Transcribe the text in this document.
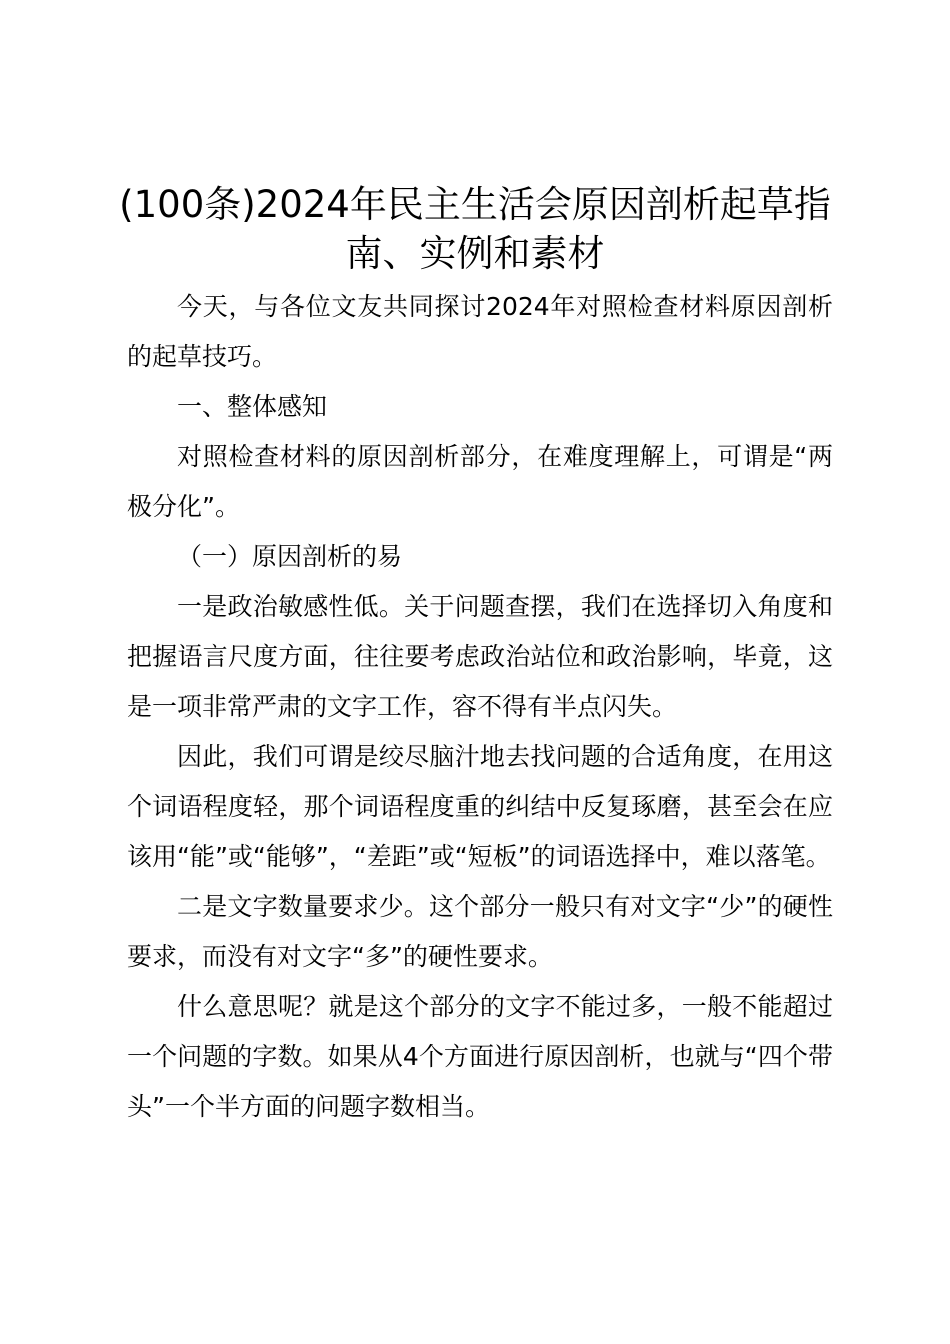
(100条)2024年民主生活会原因剖析起草指
南、实例和素材

今天，与各位文友共同探讨2024年对照检查材料原因剖析的起草技巧。

一、整体感知

对照检查材料的原因剖析部分，在难度理解上，可谓是“两极分化”。

（一）原因剖析的易

一是政治敏感性低。关于问题查摆，我们在选择切入角度和把握语言尺度方面，往往要考虑政治站位和政治影响，毕竟，这是一项非常严肃的文字工作，容不得有半点闪失。

因此，我们可谓是绞尽脑汁地去找问题的合适角度，在用这个词语程度轻，那个词语程度重的纠结中反复琢磨，甚至会在应该用“能”或“能够”，“差距”或“短板”的词语选择中，难以落笔。

二是文字数量要求少。这个部分一般只有对文字“少”的硬性要求，而没有对文字“多”的硬性要求。

什么意思呢？就是这个部分的文字不能过多，一般不能超过一个问题的字数。如果从4个方面进行原因剖析，也就与“四个带头”一个半方面的问题字数相当。
